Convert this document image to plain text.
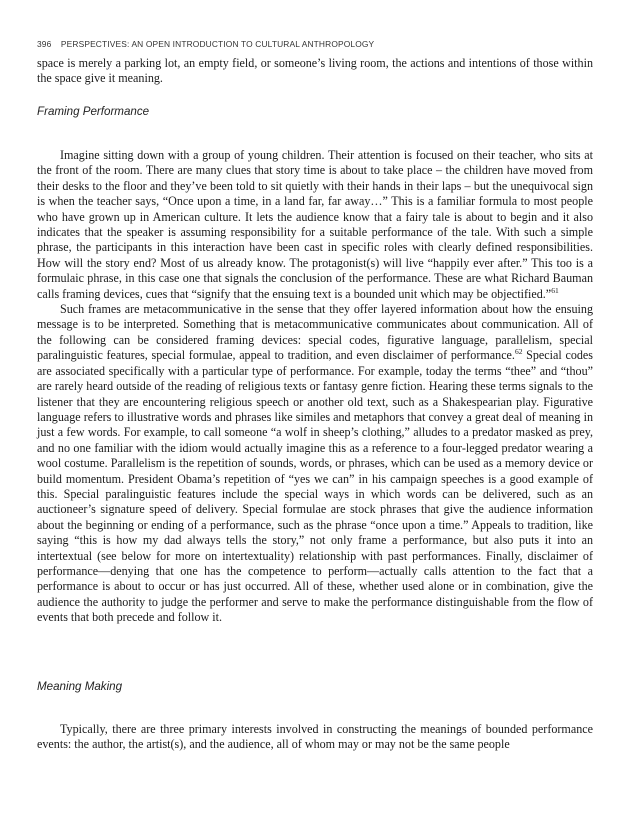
396 PERSPECTIVES: AN OPEN INTRODUCTION TO CULTURAL ANTHROPOLOGY

space is merely a parking lot, an empty field, or someone’s living room, the actions and intentions of those within the space give it meaning.

Framing Performance

Imagine sitting down with a group of young children. Their attention is focused on their teacher, who sits at the front of the room. There are many clues that story time is about to take place – the children have moved from their desks to the floor and they’ve been told to sit quietly with their hands in their laps – but the unequivocal sign is when the teacher says, “Once upon a time, in a land far, far away…” This is a familiar formula to most people who have grown up in American culture. It lets the audience know that a fairy tale is about to begin and it also indicates that the speaker is assuming responsibility for a suitable performance of the tale. With such a simple phrase, the participants in this interaction have been cast in specific roles with clearly defined responsibilities. How will the story end? Most of us already know. The protagonist(s) will live “happily ever after.” This too is a formulaic phrase, in this case one that signals the conclusion of the performance. These are what Richard Bauman calls framing devices, cues that “signify that the ensuing text is a bounded unit which may be objectified.”$^{61}$

Such frames are metacommunicative in the sense that they offer layered information about how the ensuing message is to be interpreted. Something that is metacommunicative communicates about communication. All of the following can be considered framing devices: special codes, figurative language, parallelism, special paralinguistic features, special formulae, appeal to tradition, and even disclaimer of performance.$^{62}$ Special codes are associated specifically with a particular type of performance. For example, today the terms “thee” and “thou” are rarely heard outside of the reading of religious texts or fantasy genre fiction. Hearing these terms signals to the listener that they are encountering religious speech or another old text, such as a Shakespearian play. Figurative language refers to illustrative words and phrases like similes and metaphors that convey a great deal of meaning in just a few words. For example, to call someone “a wolf in sheep’s clothing,” alludes to a predator masked as prey, and no one familiar with the idiom would actually imagine this as a reference to a four-legged predator wearing a wool costume. Parallelism is the repetition of sounds, words, or phrases, which can be used as a memory device or build momentum. President Obama’s repetition of “yes we can” in his campaign speeches is a good example of this. Special paralinguistic features include the special ways in which words can be delivered, such as an auctioneer’s signature speed of delivery. Special formulae are stock phrases that give the audience information about the beginning or ending of a performance, such as the phrase “once upon a time.” Appeals to tradition, like saying “this is how my dad always tells the story,” not only frame a performance, but also puts it into an intertextual (see below for more on intertextuality) relationship with past performances. Finally, disclaimer of performance—denying that one has the competence to perform—actually calls attention to the fact that a performance is about to occur or has just occurred. All of these, whether used alone or in combination, give the audience the authority to judge the performer and serve to make the performance distinguishable from the flow of events that both precede and follow it.

Meaning Making

Typically, there are three primary interests involved in constructing the meanings of bounded performance events: the author, the artist(s), and the audience, all of whom may or may not be the same people
